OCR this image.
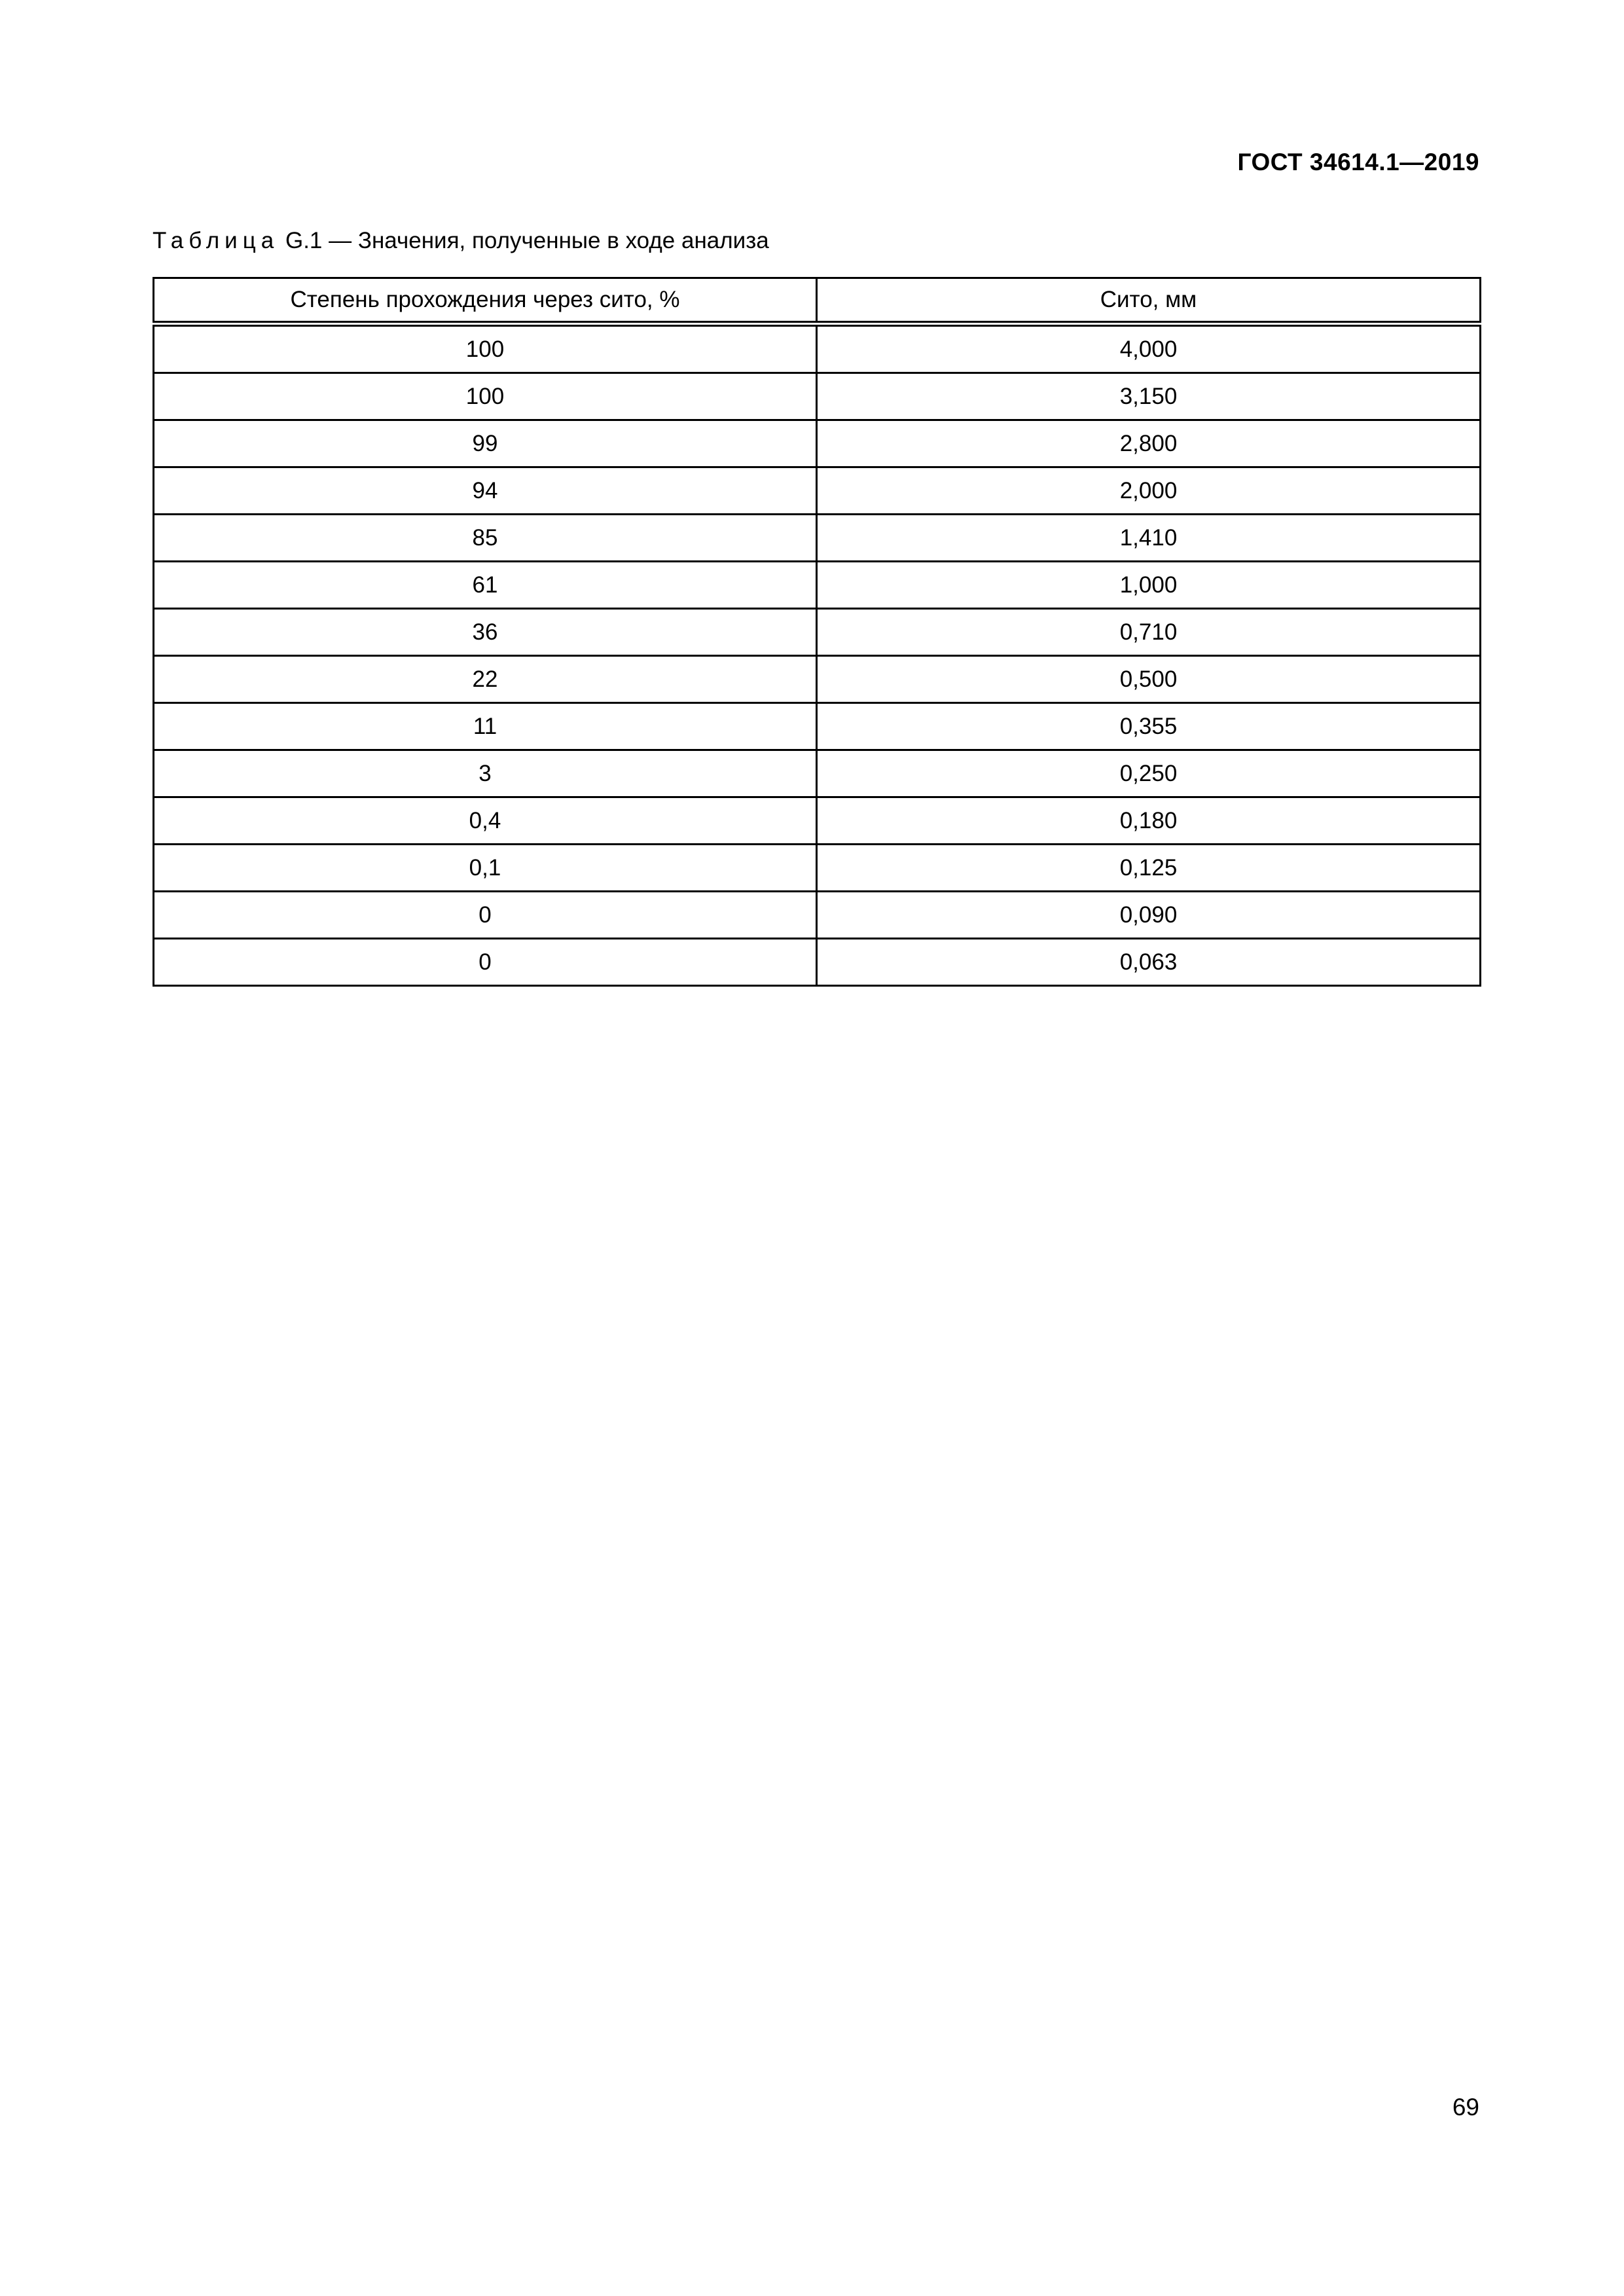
ГОСТ 34614.1—2019
Таблица G.1 — Значения, полученные в ходе анализа
Степень прохождения через сито, %	Сито, мм
100	4,000
100	3,150
99	2,800
94	2,000
85	1,410
61	1,000
36	0,710
22	0,500
11	0,355
3	0,250
0,4	0,180
0,1	0,125
0	0,090
0	0,063
69
